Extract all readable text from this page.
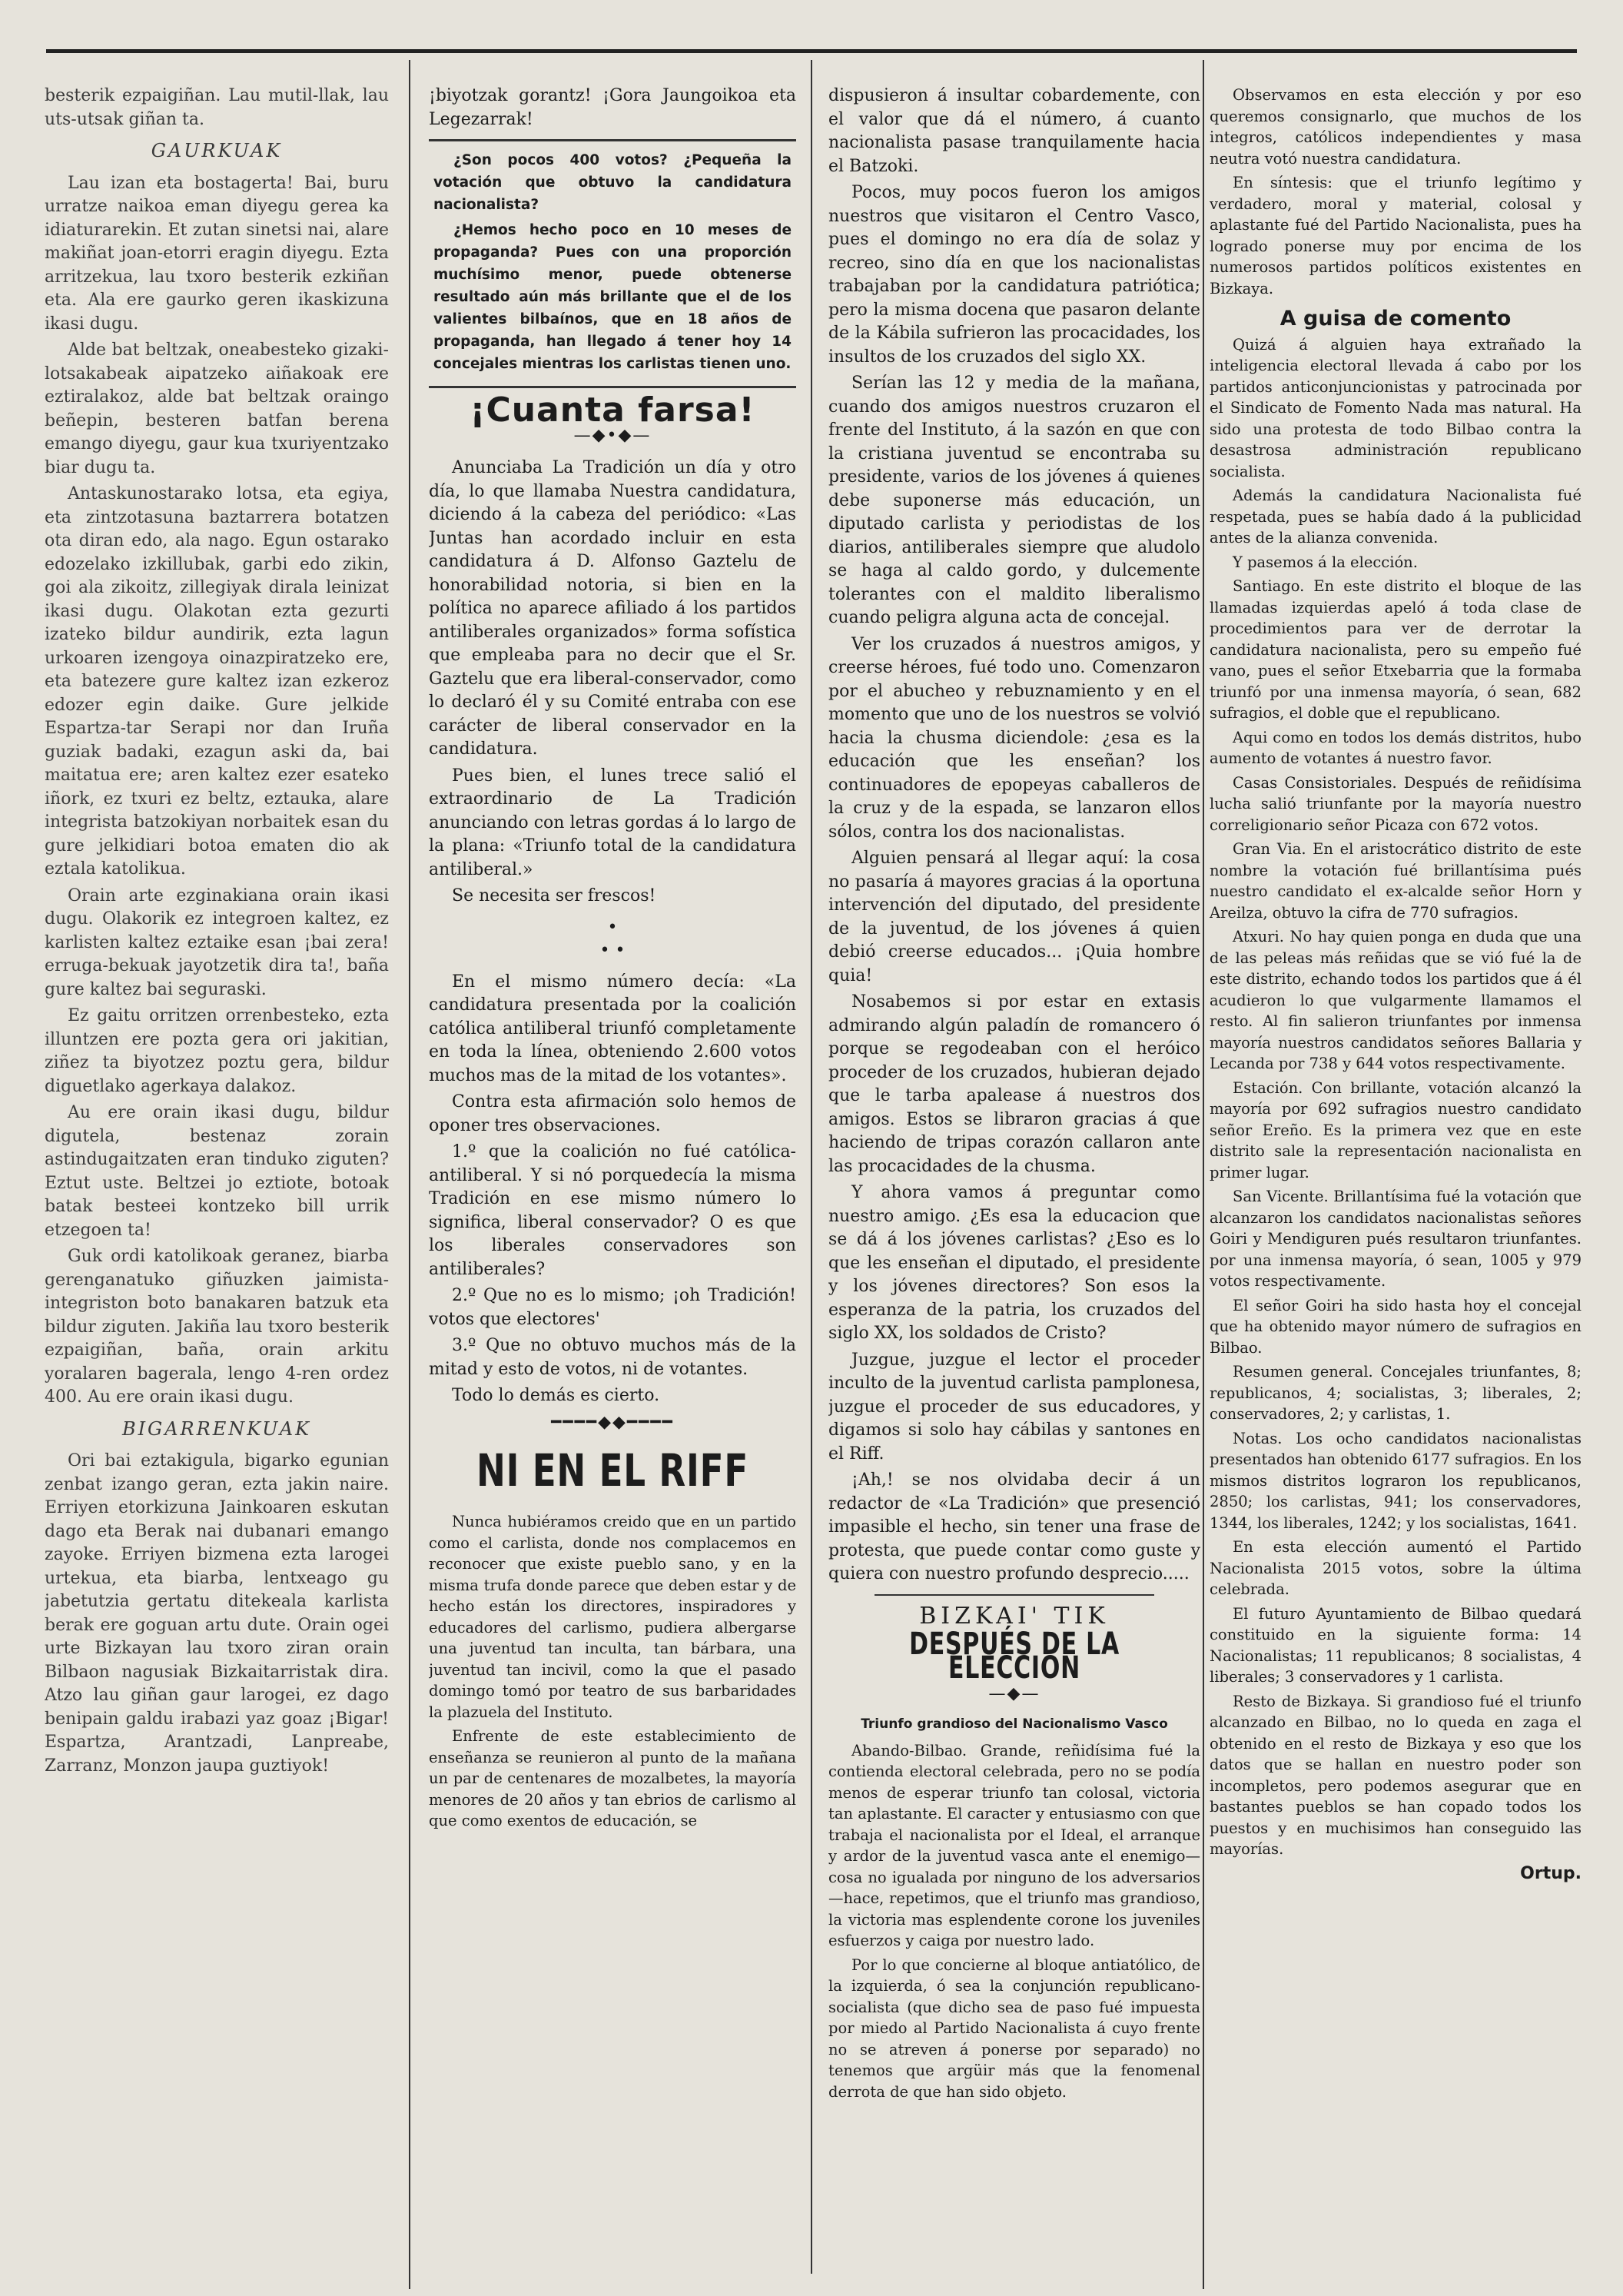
besterik ezpaigiñan. Lau mutil-llak, lau uts-utsak giñan ta.

GAURKUAK

Lau izan eta bostagerta! Bai, buru urratze naikoa eman diyegu gerea ka idiaturarekin. Et zutan sinetsi nai, alare makiñat joan-etorri eragin diyegu. Ezta arritzekua, lau txoro besterik ezkiñan eta. Ala ere gaurko geren ikaskizuna ikasi dugu.

Alde bat beltzak, oneabesteko gizaki-lotsakabeak aipatzeko aiñakoak ere eztiralakoz, alde bat beltzak oraingo beñepin, besteren batfan berena emango diyegu, gaur kua txuriyentzako biar dugu ta.

Antaskunostarako lotsa, eta egiya, eta zintzotasuna baztarrera botatzen ota diran edo, ala nago. Egun ostarako edozelako izkillubak, garbi edo zikin, goi ala zikoitz, zillegiyak dirala leinizat ikasi dugu. Olakotan ezta gezurti izateko bildur aundirik, ezta lagun urkoaren izengoya oinazpiratzeko ere, eta batezere gure kaltez izan ezkeroz edozer egin daike. Gure jelkide Espartza-tar Serapi nor dan Iruña guziak badaki, ezagun aski da, bai maitatua ere; aren kaltez ezer esateko iñork, ez txuri ez beltz, eztauka, alare integrista batzokiyan norbaitek esan du gure jelkidiari botoa ematen dio ak eztala katolikua.

Orain arte ezginakiana orain ikasi dugu. Olakorik ez integroen kaltez, ez karlisten kaltez eztaike esan ¡bai zera! erruga-bekuak jayotzetik dira ta!, baña gure kaltez bai seguraski.

Ez gaitu orritzen orrenbesteko, ezta illuntzen ere pozta gera ori jakitian, ziñez ta biyotzez poztu gera, bildur diguetlako agerkaya dalakoz.

Au ere orain ikasi dugu, bildur digutela, bestenaz zorain astindugaitzaten eran tinduko ziguten? Eztut uste. Beltzei jo eztiote, botoak batak besteei kontzeko bill urrik etzegoen ta!

Guk ordi katolikoak geranez, biarba gerenganatuko giñuzken jaimista-integriston boto banakaren batzuk eta bildur ziguten. Jakiña lau txoro besterik ezpaigiñan, baña, orain arkitu yoralaren bagerala, lengo 4-ren ordez 400. Au ere orain ikasi dugu.

BIGARRENKUAK

Ori bai eztakigula, bigarko egunian zenbat izango geran, ezta jakin naire. Erriyen etorkizuna Jainkoaren eskutan dago eta Berak nai dubanari emango zayoke. Erriyen bizmena ezta larogei urtekua, eta biarba, lentxeago gu jabetutzia gertatu ditekeala karlista berak ere goguan artu dute. Orain ogei urte Bizkayan lau txoro ziran orain Bilbaon nagusiak Bizkaitarristak dira. Atzo lau giñan gaur larogei, ez dago benipain galdu irabazi yaz goaz ¡Bigar! Espartza, Arantzadi, Lanpreabe, Zarranz, Monzon jaupa guztiyok!

¡biyotzak gorantz! ¡Gora Jaungoikoa eta Legezarrak!

¿Son pocos 400 votos? ¿Pequeña la votación que obtuvo la candidatura nacionalista?

¿Hemos hecho poco en 10 meses de propaganda? Pues con una proporción muchísimo menor, puede obtenerse resultado aún más brillante que el de los valientes bilbaínos, que en 18 años de propaganda, han llegado á tener hoy 14 concejales mientras los carlistas tienen uno.

¡Cuanta farsa!
—◆•◆—

Anunciaba La Tradición un día y otro día, lo que llamaba Nuestra candidatura, diciendo á la cabeza del periódico: «Las Juntas han acordado incluir en esta candidatura á D. Alfonso Gaztelu de honorabilidad notoria, si bien en la política no aparece afiliado á los partidos antiliberales organizados» forma sofística que empleaba para no decir que el Sr. Gaztelu que era liberal-conservador, como lo declaró él y su Comité entraba con ese carácter de liberal conservador en la candidatura.

Pues bien, el lunes trece salió el extraordinario de La Tradición anunciando con letras gordas á lo largo de la plana: «Triunfo total de la candidatura antiliberal.»

Se necesita ser frescos!

•
• •

En el mismo número decía: «La candidatura presentada por la coalición católica antiliberal triunfó completamente en toda la línea, obteniendo 2.600 votos muchos mas de la mitad de los votantes».

Contra esta afirmación solo hemos de oponer tres observaciones.

1.º que la coalición no fué católica-antiliberal. Y si nó porquedecía la misma Tradición en ese mismo número lo significa, liberal conservador? O es que los liberales conservadores son antiliberales?

2.º Que no es lo mismo; ¡oh Tradición! votos que electores'

3.º Que no obtuvo muchos más de la mitad y esto de votos, ni de votantes.

Todo lo demás es cierto.

━━━━◆◆━━━━
NI EN EL RIFF

Nunca hubiéramos creido que en un partido como el carlista, donde nos complacemos en reconocer que existe pueblo sano, y en la misma trufa donde parece que deben estar y de hecho están los directores, inspiradores y educadores del carlismo, pudiera albergarse una juventud tan inculta, tan bárbara, una juventud tan incivil, como la que el pasado domingo tomó por teatro de sus barbaridades la plazuela del Instituto.

Enfrente de este establecimiento de enseñanza se reunieron al punto de la mañana un par de centenares de mozalbetes, la mayoría menores de 20 años y tan ebrios de carlismo al que como exentos de educación, se

dispusieron á insultar cobardemente, con el valor que dá el número, á cuanto nacionalista pasase tranquilamente hacia el Batzoki.

Pocos, muy pocos fueron los amigos nuestros que visitaron el Centro Vasco, pues el domingo no era día de solaz y recreo, sino día en que los nacionalistas trabajaban por la candidatura patriótica; pero la misma docena que pasaron delante de la Kábila sufrieron las procacidades, los insultos de los cruzados del siglo XX.

Serían las 12 y media de la mañana, cuando dos amigos nuestros cruzaron el frente del Instituto, á la sazón en que con la cristiana juventud se encontraba su presidente, varios de los jóvenes á quienes debe suponerse más educación, un diputado carlista y periodistas de los diarios, antiliberales siempre que aludolo se haga al caldo gordo, y dulcemente tolerantes con el maldito liberalismo cuando peligra alguna acta de concejal.

Ver los cruzados á nuestros amigos, y creerse héroes, fué todo uno. Comenzaron por el abucheo y rebuznamiento y en el momento que uno de los nuestros se volvió hacia la chusma diciendole: ¿esa es la educación que les enseñan? los continuadores de epopeyas caballeros de la cruz y de la espada, se lanzaron ellos sólos, contra los dos nacionalistas.

Alguien pensará al llegar aquí: la cosa no pasaría á mayores gracias á la oportuna intervención del diputado, del presidente de la juventud, de los jóvenes á quien debió creerse educados... ¡Quia hombre quia!

Nosabemos si por estar en extasis admirando algún paladín de romancero ó porque se regodeaban con el heróico proceder de los cruzados, hubieran dejado que le tarba apalease á nuestros dos amigos. Estos se libraron gracias á que haciendo de tripas corazón callaron ante las procacidades de la chusma.

Y ahora vamos á preguntar como nuestro amigo. ¿Es esa la educacion que se dá á los jóvenes carlistas? ¿Eso es lo que les enseñan el diputado, el presidente y los jóvenes directores? Son esos la esperanza de la patria, los cruzados del siglo XX, los soldados de Cristo?

Juzgue, juzgue el lector el proceder inculto de la juventud carlista pamplonesa, juzgue el proceder de sus educadores, y digamos si solo hay cábilas y santones en el Riff.

¡Ah,! se nos olvidaba decir á un redactor de «La Tradición» que presenció impasible el hecho, sin tener una frase de protesta, que puede contar como guste y quiera con nuestro profundo desprecio.....

BIZKAI' TIK
DESPUÉS DE LA ELECCIÓN
—◆—
Triunfo grandioso del Nacionalismo Vasco

Abando-Bilbao. Grande, reñidísima fué la contienda electoral celebrada, pero no se podía menos de esperar triunfo tan colosal, victoria tan aplastante. El caracter y entusiasmo con que trabaja el nacionalista por el Ideal, el arranque y ardor de la juventud vasca ante el enemigo—cosa no igualada por ninguno de los adversarios—hace, repetimos, que el triunfo mas grandioso, la victoria mas esplendente corone los juveniles esfuerzos y caiga por nuestro lado.

Por lo que concierne al bloque antiatólico, de la izquierda, ó sea la conjunción republicano-socialista (que dicho sea de paso fué impuesta por miedo al Partido Nacionalista á cuyo frente no se atreven á ponerse por separado) no tenemos que argüir más que la fenomenal derrota de que han sido objeto.

Observamos en esta elección y por eso queremos consignarlo, que muchos de los integros, católicos independientes y masa neutra votó nuestra candidatura.

En síntesis: que el triunfo legítimo y verdadero, moral y material, colosal y aplastante fué del Partido Nacionalista, pues ha logrado ponerse muy por encima de los numerosos partidos políticos existentes en Bizkaya.

A guisa de comento

Quizá á alguien haya extrañado la inteligencia electoral llevada á cabo por los partidos anticonjuncionistas y patrocinada por el Sindicato de Fomento Nada mas natural. Ha sido una protesta de todo Bilbao contra la desastrosa administración republicano socialista.

Además la candidatura Nacionalista fué respetada, pues se había dado á la publicidad antes de la alianza convenida.

Y pasemos á la elección.

Santiago. En este distrito el bloque de las llamadas izquierdas apeló á toda clase de procedimientos para ver de derrotar la candidatura nacionalista, pero su empeño fué vano, pues el señor Etxebarria que la formaba triunfó por una inmensa mayoría, ó sean, 682 sufragios, el doble que el republicano.

Aqui como en todos los demás distritos, hubo aumento de votantes á nuestro favor.

Casas Consistoriales. Después de reñidísima lucha salió triunfante por la mayoría nuestro correligionario señor Picaza con 672 votos.

Gran Via. En el aristocrático distrito de este nombre la votación fué brillantísima pués nuestro candidato el ex-alcalde señor Horn y Areilza, obtuvo la cifra de 770 sufragios.

Atxuri. No hay quien ponga en duda que una de las peleas más reñidas que se vió fué la de este distrito, echando todos los partidos que á él acudieron lo que vulgarmente llamamos el resto. Al fin salieron triunfantes por inmensa mayoría nuestros candidatos señores Ballaria y Lecanda por 738 y 644 votos respectivamente.

Estación. Con brillante, votación alcanzó la mayoría por 692 sufragios nuestro candidato señor Ereño. Es la primera vez que en este distrito sale la representación nacionalista en primer lugar.

San Vicente. Brillantísima fué la votación que alcanzaron los candidatos nacionalistas señores Goiri y Mendiguren pués resultaron triunfantes. por una inmensa mayoría, ó sean, 1005 y 979 votos respectivamente.

El señor Goiri ha sido hasta hoy el concejal que ha obtenido mayor número de sufragios en Bilbao.

Resumen general. Concejales triunfantes, 8; republicanos, 4; socialistas, 3; liberales, 2; conservadores, 2; y carlistas, 1.

Notas. Los ocho candidatos nacionalistas presentados han obtenido 6177 sufragios. En los mismos distritos lograron los republicanos, 2850; los carlistas, 941; los conservadores, 1344, los liberales, 1242; y los socialistas, 1641.

En esta elección aumentó el Partido Nacionalista 2015 votos, sobre la última celebrada.

El futuro Ayuntamiento de Bilbao quedará constituido en la siguiente forma: 14 Nacionalistas; 11 republicanos; 8 socialistas, 4 liberales; 3 conservadores y 1 carlista.

Resto de Bizkaya. Si grandioso fué el triunfo alcanzado en Bilbao, no lo queda en zaga el obtenido en el resto de Bizkaya y eso que los datos que se hallan en nuestro poder son incompletos, pero podemos asegurar que en bastantes pueblos se han copado todos los puestos y en muchisimos han conseguido las mayorías.

Ortup.
